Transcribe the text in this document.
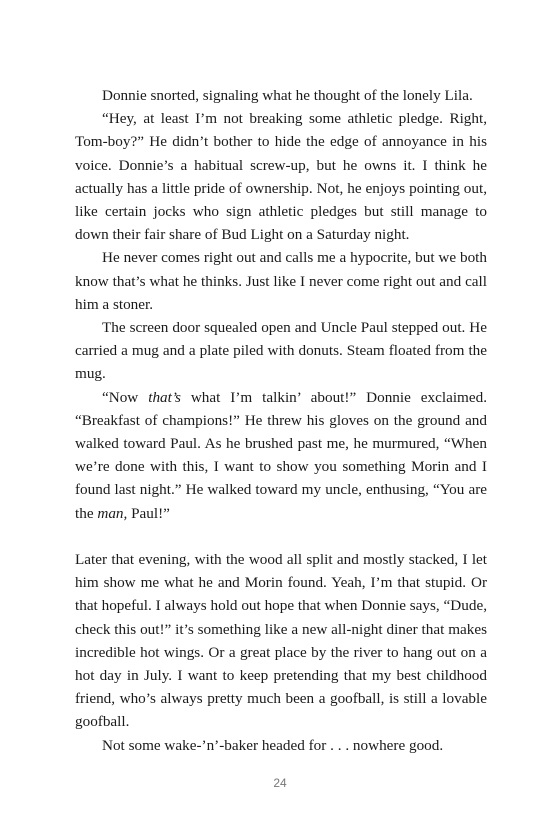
Donnie snorted, signaling what he thought of the lonely Lila.

“Hey, at least I’m not breaking some athletic pledge. Right, Tom-boy?” He didn’t bother to hide the edge of annoyance in his voice. Donnie’s a habitual screw-up, but he owns it. I think he actually has a little pride of ownership. Not, he enjoys pointing out, like certain jocks who sign athletic pledges but still manage to down their fair share of Bud Light on a Saturday night.

He never comes right out and calls me a hypocrite, but we both know that’s what he thinks. Just like I never come right out and call him a stoner.

The screen door squealed open and Uncle Paul stepped out. He carried a mug and a plate piled with donuts. Steam floated from the mug.

“Now that’s what I’m talkin’ about!” Donnie exclaimed. “Breakfast of champions!” He threw his gloves on the ground and walked toward Paul. As he brushed past me, he murmured, “When we’re done with this, I want to show you something Morin and I found last night.” He walked toward my uncle, enthusing, “You are the man, Paul!”

Later that evening, with the wood all split and mostly stacked, I let him show me what he and Morin found. Yeah, I’m that stupid. Or that hopeful. I always hold out hope that when Donnie says, “Dude, check this out!” it’s something like a new all-night diner that makes incredible hot wings. Or a great place by the river to hang out on a hot day in July. I want to keep pretending that my best childhood friend, who’s always pretty much been a goofball, is still a lovable goofball.

Not some wake-’n’-baker headed for . . . nowhere good.

24
